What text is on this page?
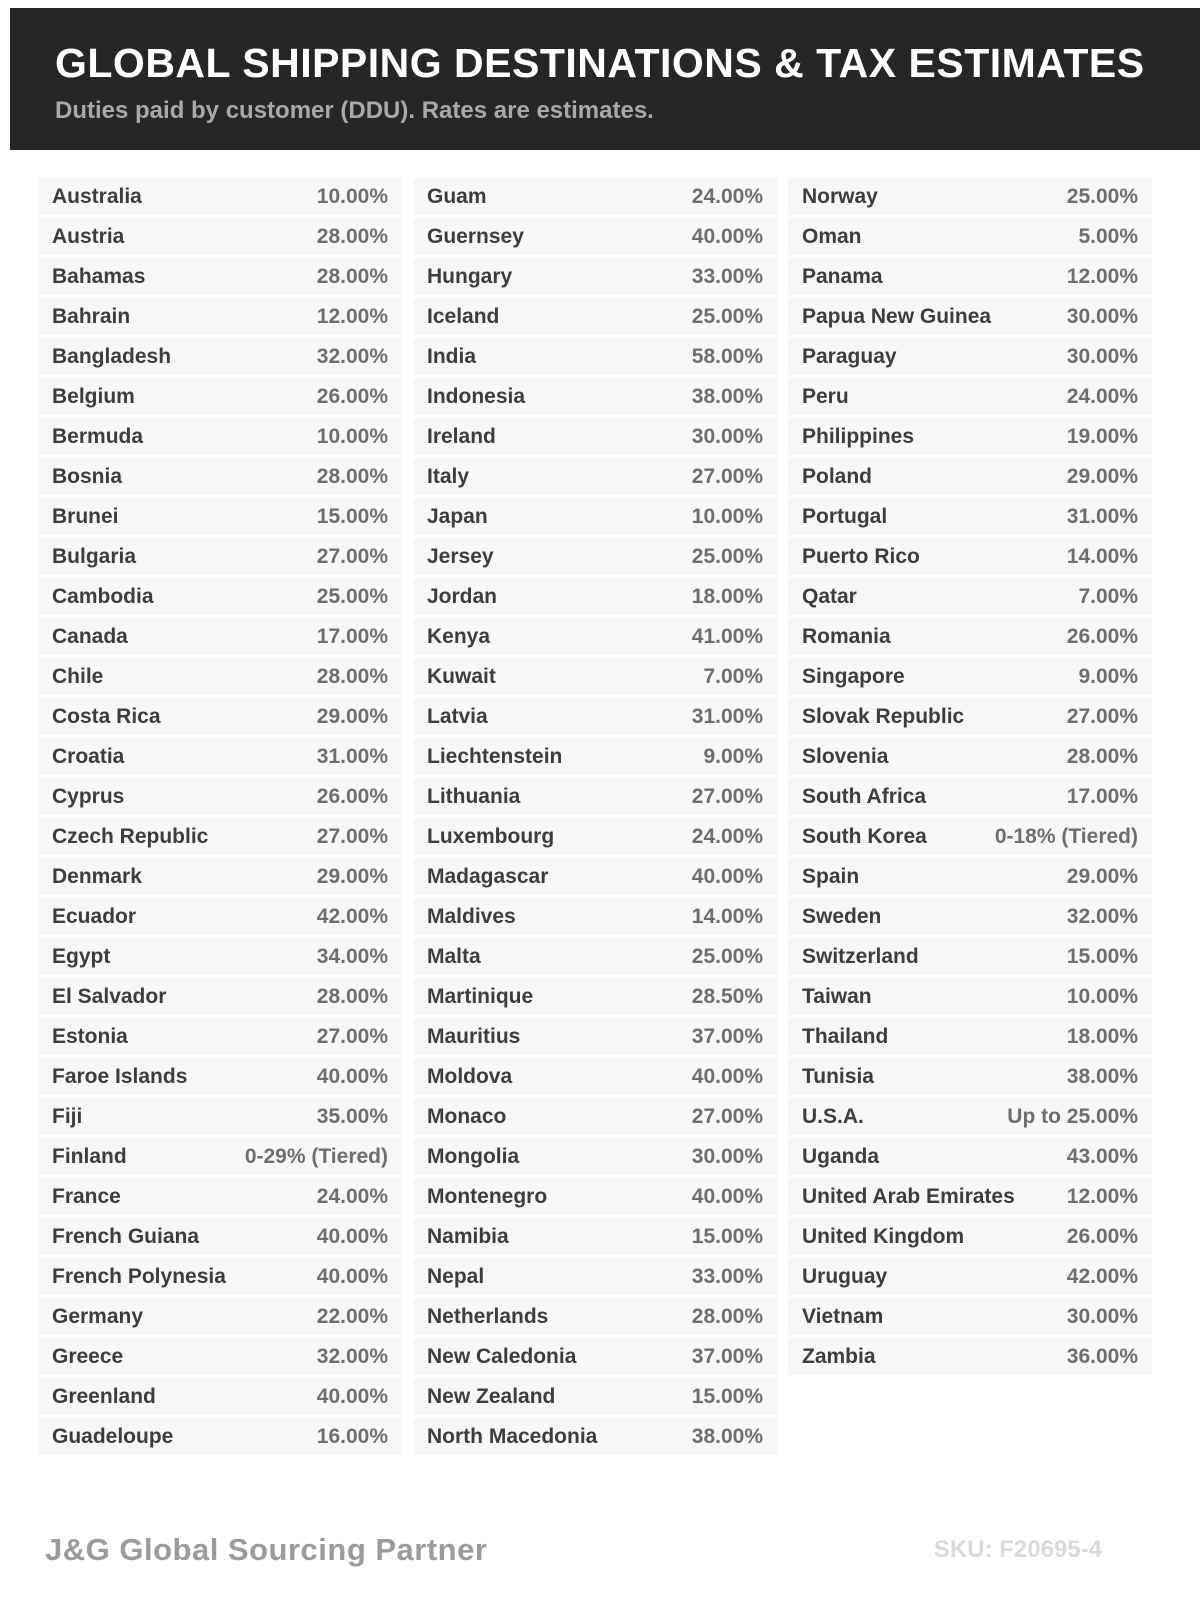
GLOBAL SHIPPING DESTINATIONS & TAX ESTIMATES
Duties paid by customer (DDU). Rates are estimates.
Australia	10.00%
Austria	28.00%
Bahamas	28.00%
Bahrain	12.00%
Bangladesh	32.00%
Belgium	26.00%
Bermuda	10.00%
Bosnia	28.00%
Brunei	15.00%
Bulgaria	27.00%
Cambodia	25.00%
Canada	17.00%
Chile	28.00%
Costa Rica	29.00%
Croatia	31.00%
Cyprus	26.00%
Czech Republic	27.00%
Denmark	29.00%
Ecuador	42.00%
Egypt	34.00%
El Salvador	28.00%
Estonia	27.00%
Faroe Islands	40.00%
Fiji	35.00%
Finland	0-29% (Tiered)
France	24.00%
French Guiana	40.00%
French Polynesia	40.00%
Germany	22.00%
Greece	32.00%
Greenland	40.00%
Guadeloupe	16.00%
Guam	24.00%
Guernsey	40.00%
Hungary	33.00%
Iceland	25.00%
India	58.00%
Indonesia	38.00%
Ireland	30.00%
Italy	27.00%
Japan	10.00%
Jersey	25.00%
Jordan	18.00%
Kenya	41.00%
Kuwait	7.00%
Latvia	31.00%
Liechtenstein	9.00%
Lithuania	27.00%
Luxembourg	24.00%
Madagascar	40.00%
Maldives	14.00%
Malta	25.00%
Martinique	28.50%
Mauritius	37.00%
Moldova	40.00%
Monaco	27.00%
Mongolia	30.00%
Montenegro	40.00%
Namibia	15.00%
Nepal	33.00%
Netherlands	28.00%
New Caledonia	37.00%
New Zealand	15.00%
North Macedonia	38.00%
Norway	25.00%
Oman	5.00%
Panama	12.00%
Papua New Guinea	30.00%
Paraguay	30.00%
Peru	24.00%
Philippines	19.00%
Poland	29.00%
Portugal	31.00%
Puerto Rico	14.00%
Qatar	7.00%
Romania	26.00%
Singapore	9.00%
Slovak Republic	27.00%
Slovenia	28.00%
South Africa	17.00%
South Korea	0-18% (Tiered)
Spain	29.00%
Sweden	32.00%
Switzerland	15.00%
Taiwan	10.00%
Thailand	18.00%
Tunisia	38.00%
U.S.A.	Up to 25.00%
Uganda	43.00%
United Arab Emirates 12.00%
United Kingdom	26.00%
Uruguay	42.00%
Vietnam	30.00%
Zambia	36.00%
J&G Global Sourcing Partner	SKU: F20695-4
